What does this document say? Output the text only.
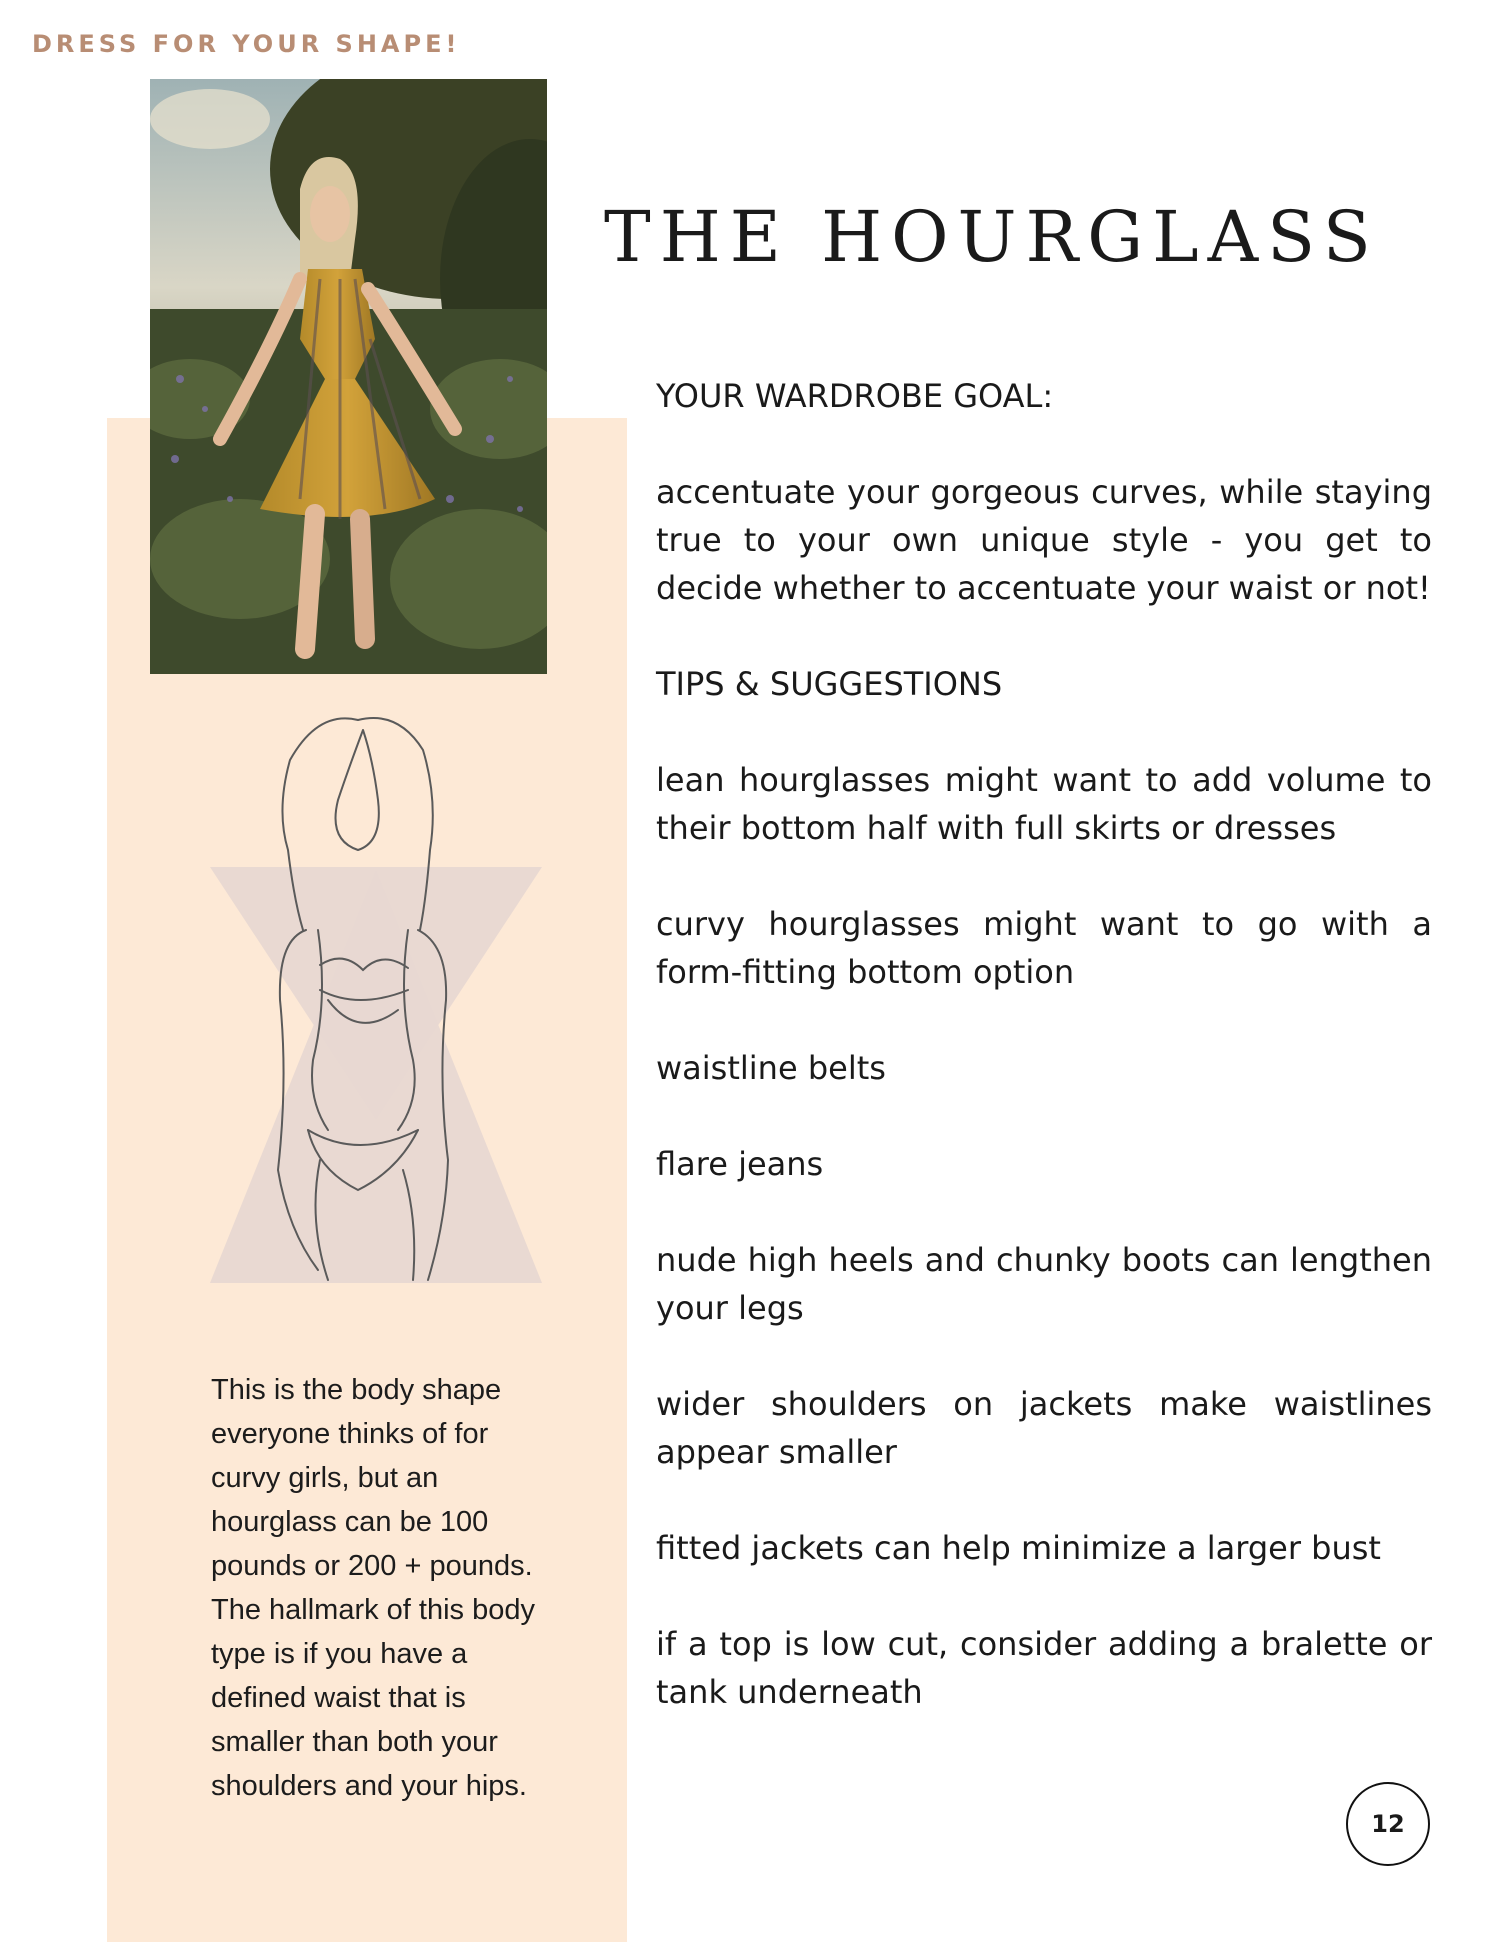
DRESS FOR YOUR SHAPE!
This is the body shape everyone thinks of for curvy girls, but an hourglass can be 100 pounds or 200 + pounds. The hallmark of this body type is if you have a defined waist that is smaller than both your shoulders and your hips.
THE HOURGLASS
YOUR WARDROBE GOAL:

accentuate your gorgeous curves, while staying true to your own unique style - you get to decide whether to accentuate your waist or not!

TIPS & SUGGESTIONS

lean hourglasses might want to add volume to their bottom half with full skirts or dresses

curvy hourglasses might want to go with a form-fitting bottom option

waistline belts

flare jeans

nude high heels and chunky boots can lengthen your legs

wider shoulders on jackets make waistlines appear smaller

fitted jackets can help minimize a larger bust

if a top is low cut, consider adding a bralette or tank underneath

12
